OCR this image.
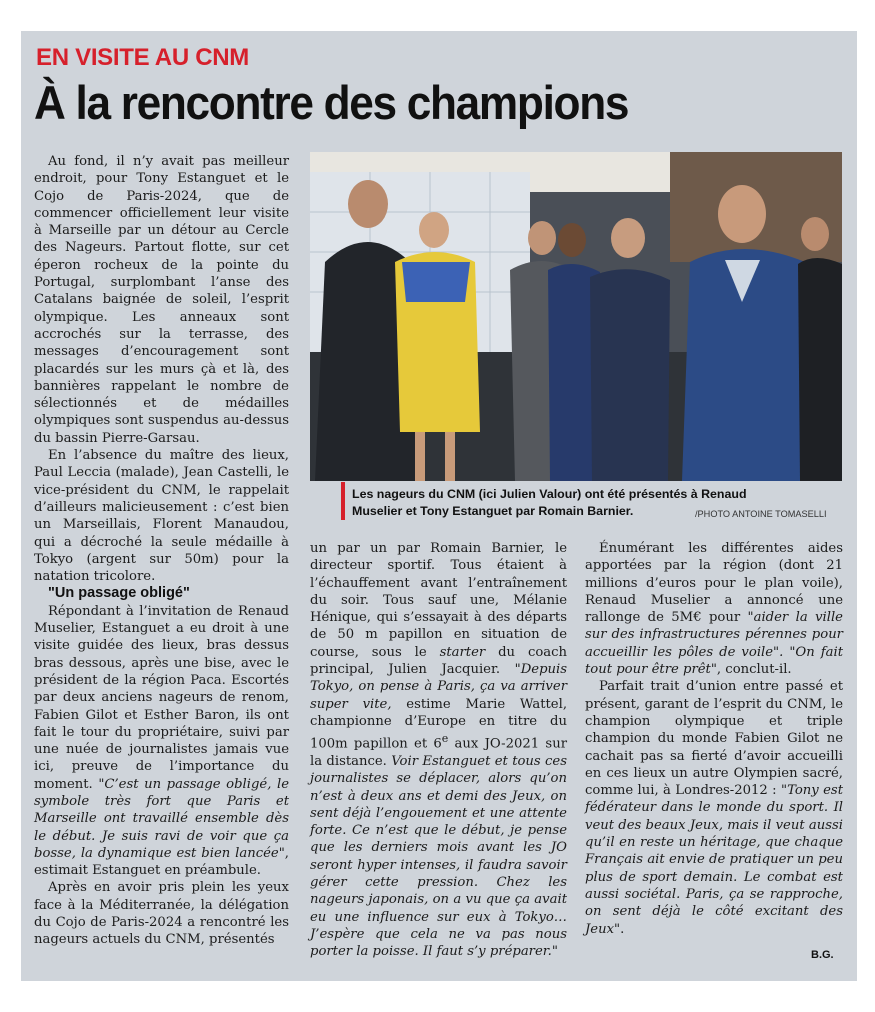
EN VISITE AU CNM
À la rencontre des champions

Au fond, il n’y avait pas meilleur endroit, pour Tony Estanguet et le Cojo de Paris-2024, que de commencer officiellement leur visite à Marseille par un détour au Cercle des Nageurs. Partout flotte, sur cet éperon rocheux de la pointe du Portugal, surplombant l’anse des Catalans baignée de soleil, l’esprit olympique. Les anneaux sont accrochés sur la terrasse, des messages d’encouragement sont placardés sur les murs çà et là, des bannières rappelant le nombre de sélectionnés et de médailles olympiques sont suspendus au-dessus du bassin Pierre-Garsau.

En l’absence du maître des lieux, Paul Leccia (malade), Jean Castelli, le vice-président du CNM, le rappelait d’ailleurs malicieusement : c’est bien un Marseillais, Florent Manaudou, qui a décroché la seule médaille à Tokyo (argent sur 50m) pour la natation tricolore.

"Un passage obligé"

Répondant à l’invitation de Renaud Muselier, Estanguet a eu droit à une visite guidée des lieux, bras dessus bras dessous, après une bise, avec le président de la région Paca. Escortés par deux anciens nageurs de renom, Fabien Gilot et Esther Baron, ils ont fait le tour du propriétaire, suivi par une nuée de journalistes jamais vue ici, preuve de l’importance du moment. "C’est un passage obligé, le symbole très fort que Paris et Marseille ont travaillé ensemble dès le début. Je suis ravi de voir que ça bosse, la dynamique est bien lancée", estimait Estanguet en préambule.

Après en avoir pris plein les yeux face à la Méditerranée, la délégation du Cojo de Paris-2024 a rencontré les nageurs actuels du CNM, présentés

Les nageurs du CNM (ici Julien Valour) ont été présentés à Renaud Muselier et Tony Estanguet par Romain Barnier.	/PHOTO ANTOINE TOMASELLI

un par un par Romain Barnier, le directeur sportif. Tous étaient à l’échauffement avant l’entraînement du soir. Tous sauf une, Mélanie Hénique, qui s’essayait à des départs de 50 m papillon en situation de course, sous le starter du coach principal, Julien Jacquier. "Depuis Tokyo, on pense à Paris, ça va arriver super vite, estime Marie Wattel, championne d’Europe en titre du 100m papillon et 6e aux JO-2021 sur la distance. Voir Estanguet et tous ces journalistes se déplacer, alors qu’on n’est à deux ans et demi des Jeux, on sent déjà l’engouement et une attente forte. Ce n’est que le début, je pense que les derniers mois avant les JO seront hyper intenses, il faudra savoir gérer cette pression. Chez les nageurs japonais, on a vu que ça avait eu une influence sur eux à Tokyo… J’espère que cela ne va pas nous porter la poisse. Il faut s’y préparer."

Énumérant les différentes aides apportées par la région (dont 21 millions d’euros pour le plan voile), Renaud Muselier a annoncé une rallonge de 5M€ pour "aider la ville sur des infrastructures pérennes pour accueillir les pôles de voile". "On fait tout pour être prêt", conclut-il.

Parfait trait d’union entre passé et présent, garant de l’esprit du CNM, le champion olympique et triple champion du monde Fabien Gilot ne cachait pas sa fierté d’avoir accueilli en ces lieux un autre Olympien sacré, comme lui, à Londres-2012 : "Tony est fédérateur dans le monde du sport. Il veut des beaux Jeux, mais il veut aussi qu’il en reste un héritage, que chaque Français ait envie de pratiquer un peu plus de sport demain. Le combat est aussi sociétal. Paris, ça se rapproche, on sent déjà le côté excitant des Jeux".

B.G.
